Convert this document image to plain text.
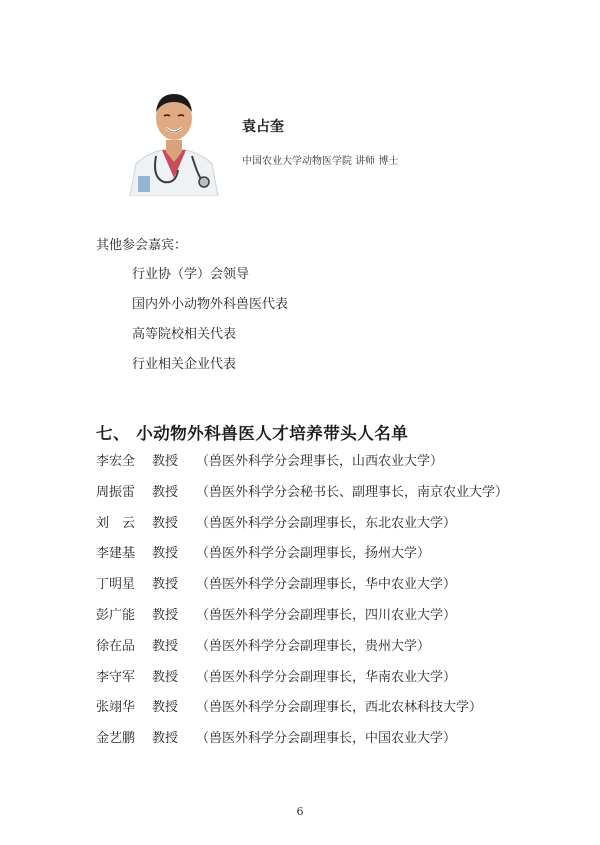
袁占奎
中国农业大学动物医学院 讲师 博士
其他参会嘉宾：
行业协（学）会领导
国内外小动物外科兽医代表
高等院校相关代表
行业相关企业代表
七、 小动物外科兽医人才培养带头人名单
李宏全 教授 （兽医外科学分会理事长，山西农业大学）
周振雷 教授 （兽医外科学分会秘书长、副理事长，南京农业大学）
刘　云 教授 （兽医外科学分会副理事长，东北农业大学）
李建基 教授 （兽医外科学分会副理事长，扬州大学）
丁明星 教授 （兽医外科学分会副理事长，华中农业大学）
彭广能 教授 （兽医外科学分会副理事长，四川农业大学）
徐在品 教授 （兽医外科学分会副理事长，贵州大学）
李守军 教授 （兽医外科学分会副理事长，华南农业大学）
张翊华 教授 （兽医外科学分会副理事长，西北农林科技大学）
金艺鹏 教授 （兽医外科学分会副理事长，中国农业大学）
6
